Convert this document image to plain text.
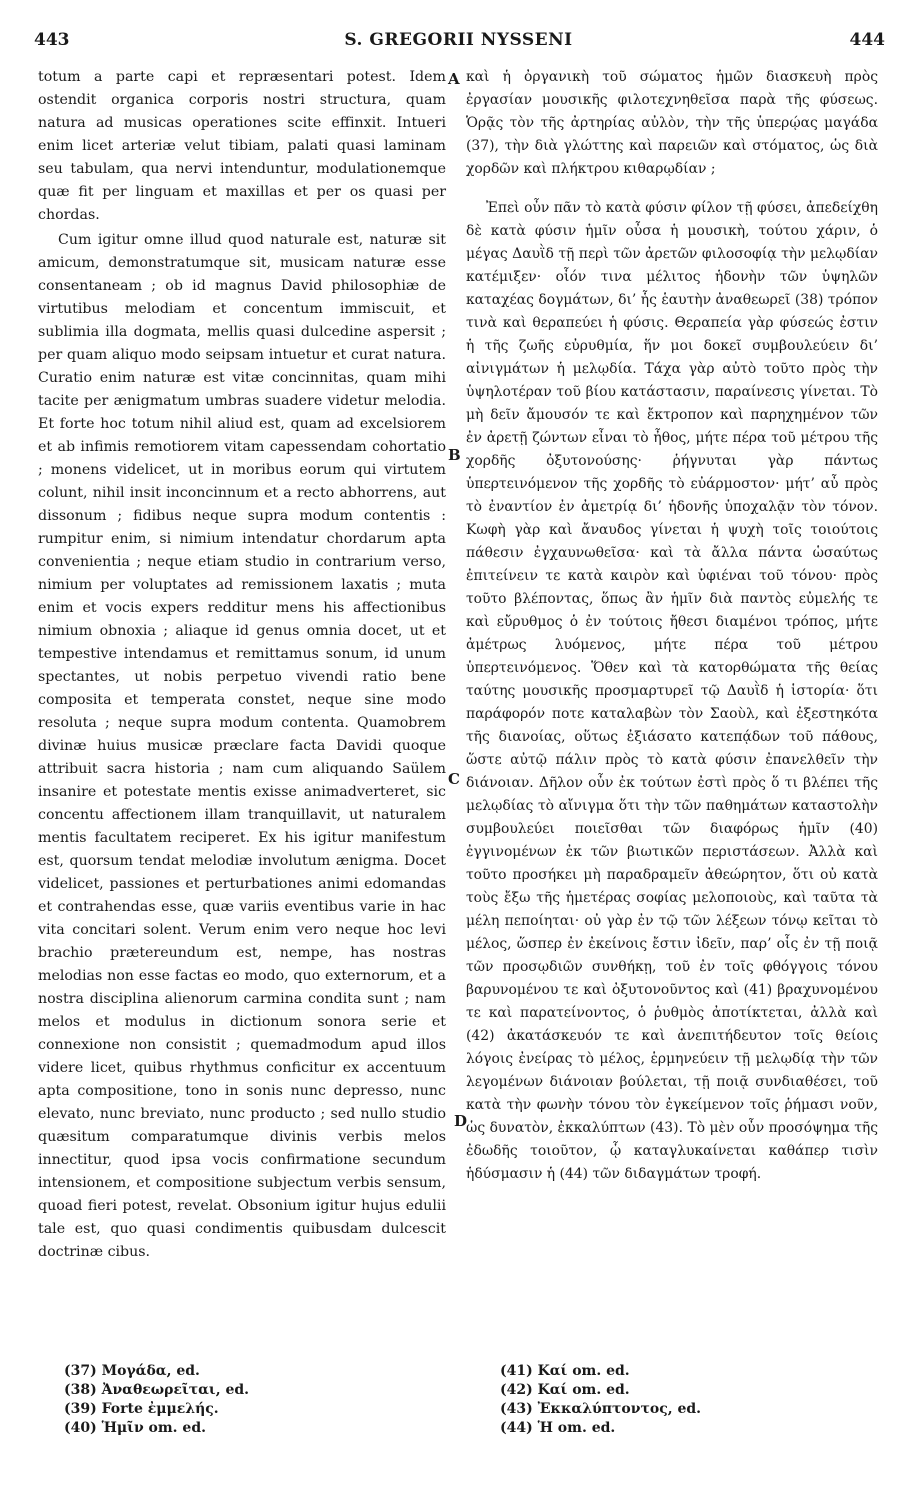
443	S. GREGORII NYSSENI	444

totum a parte capi et repræsentari potest. Idem ostendit organica corporis nostri structura, quam natura ad musicas operationes scite effinxit. Intueri enim licet arteriæ velut tibiam, palati quasi laminam seu tabulam, qua nervi intenduntur, modulationemque quæ fit per linguam et maxillas et per os quasi per chordas.

Cum igitur omne illud quod naturale est, naturæ sit amicum, demonstratumque sit, musicam naturæ esse consentaneam ; ob id magnus David philosophiæ de virtutibus melodiam et concentum immiscuit, et sublimia illa dogmata, mellis quasi dulcedine aspersit ; per quam aliquo modo seipsam intuetur et curat natura. Curatio enim naturæ est vitæ concinnitas, quam mihi tacite per ænigmatum umbras suadere videtur melodia. Et forte hoc totum nihil aliud est, quam ad excelsiorem et ab infimis remotiorem vitam capessendam cohortatio ; monens videlicet, ut in moribus eorum qui virtutem colunt, nihil insit inconcinnum et a recto abhorrens, aut dissonum ; fidibus neque supra modum contentis : rumpitur enim, si nimium intendatur chordarum apta convenientia ; neque etiam studio in contrarium verso, nimium per voluptates ad remissionem laxatis ; muta enim et vocis expers redditur mens his affectionibus nimium obnoxia ; aliaque id genus omnia docet, ut et tempestive intendamus et remittamus sonum, id unum spectantes, ut nobis perpetuo vivendi ratio bene composita et temperata constet, neque sine modo resoluta ; neque supra modum contenta. Quamobrem divinæ huius musicæ præclare facta Davidi quoque attribuit sacra historia ; nam cum aliquando Saülem insanire et potestate mentis exisse animadverteret, sic concentu affectionem illam tranquillavit, ut naturalem mentis facultatem reciperet. Ex his igitur manifestum est, quorsum tendat melodiæ involutum ænigma. Docet videlicet, passiones et perturbationes animi edomandas et contrahendas esse, quæ variis eventibus varie in hac vita concitari solent. Verum enim vero neque hoc levi brachio prætereundum est, nempe, has nostras melodias non esse factas eo modo, quo externorum, et a nostra disciplina alienorum carmina condita sunt ; nam melos et modulus in dictionum sonora serie et connexione non consistit ; quemadmodum apud illos videre licet, quibus rhythmus conficitur ex accentuum apta compositione, tono in sonis nunc depresso, nunc elevato, nunc breviato, nunc producto ; sed nullo studio quæsitum comparatumque divinis verbis melos innectitur, quod ipsa vocis confirmatione secundum intensionem, et compositione subjectum verbis sensum, quoad fieri potest, revelat. Obsonium igitur hujus edulii tale est, quo quasi condimentis quibusdam dulcescit doctrinæ cibus.

A
B
C
D

καὶ ἡ ὀργανικὴ τοῦ σώματος ἡμῶν διασκευὴ πρὸς ἐργασίαν μουσικῆς φιλοτεχνηθεῖσα παρὰ τῆς φύσεως. Ὁρᾷς τὸν τῆς ἀρτηρίας αὐλὸν, τὴν τῆς ὑπερῴας μαγάδα (37), τὴν διὰ γλώττης καὶ παρειῶν καὶ στόματος, ὡς διὰ χορδῶν καὶ πλήκτρου κιθαρῳδίαν ;

Ἐπεὶ οὖν πᾶν τὸ κατὰ φύσιν φίλον τῇ φύσει, ἀπεδείχθη δὲ κατὰ φύσιν ἡμῖν οὖσα ἡ μουσικὴ, τούτου χάριν, ὁ μέγας Δαυῒδ τῇ περὶ τῶν ἀρετῶν φιλοσοφίᾳ τὴν μελῳδίαν κατέμιξεν· οἷόν τινα μέλιτος ἡδονὴν τῶν ὑψηλῶν καταχέας δογμάτων, δι’ ἧς ἑαυτὴν ἀναθεωρεῖ (38) τρόπον τινὰ καὶ θεραπεύει ἡ φύσις. Θεραπεία γὰρ φύσεώς ἐστιν ἡ τῆς ζωῆς εὐρυθμία, ἥν μοι δοκεῖ συμβουλεύειν δι’ αἰνιγμάτων ἡ μελῳδία. Τάχα γὰρ αὐτὸ τοῦτο πρὸς τὴν ὑψηλοτέραν τοῦ βίου κατάστασιν, παραίνεσις γίνεται. Τὸ μὴ δεῖν ἄμουσόν τε καὶ ἔκτροπον καὶ παρηχημένον τῶν ἐν ἀρετῇ ζώντων εἶναι τὸ ἦθος, μήτε πέρα τοῦ μέτρου τῆς χορδῆς ὀξυτονούσης· ῥήγνυται γὰρ πάντως ὑπερτεινόμενον τῆς χορδῆς τὸ εὐάρμοστον· μήτ’ αὖ πρὸς τὸ ἐναντίον ἐν ἀμετρίᾳ δι’ ἡδονῆς ὑποχαλᾷν τὸν τόνον. Κωφὴ γὰρ καὶ ἄναυδος γίνεται ἡ ψυχὴ τοῖς τοιούτοις πάθεσιν ἐγχαυνωθεῖσα· καὶ τὰ ἄλλα πάντα ὡσαύτως ἐπιτείνειν τε κατὰ καιρὸν καὶ ὑφιέναι τοῦ τόνου· πρὸς τοῦτο βλέποντας, ὅπως ἂν ἡμῖν διὰ παντὸς εὐμελής τε καὶ εὔρυθμος ὁ ἐν τούτοις ἤθεσι διαμένοι τρόπος, μήτε ἀμέτρως λυόμενος, μήτε πέρα τοῦ μέτρου ὑπερτεινόμενος. Ὅθεν καὶ τὰ κατορθώματα τῆς θείας ταύτης μουσικῆς προσμαρτυρεῖ τῷ Δαυῒδ ἡ ἱστορία· ὅτι παράφορόν ποτε καταλαβὼν τὸν Σαοὺλ, καὶ ἐξεστηκότα τῆς διανοίας, οὕτως ἐξιάσατο κατεπᾴδων τοῦ πάθους, ὥστε αὐτῷ πάλιν πρὸς τὸ κατὰ φύσιν ἐπανελθεῖν τὴν διάνοιαν. Δῆλον οὖν ἐκ τούτων ἐστὶ πρὸς ὅ τι βλέπει τῆς μελῳδίας τὸ αἴνιγμα ὅτι τὴν τῶν παθημάτων καταστολὴν συμβουλεύει ποιεῖσθαι τῶν διαφόρως ἡμῖν (40) ἐγγινομένων ἐκ τῶν βιωτικῶν περιστάσεων. Ἀλλὰ καὶ τοῦτο προσήκει μὴ παραδραμεῖν ἀθεώρητον, ὅτι οὐ κατὰ τοὺς ἔξω τῆς ἡμετέρας σοφίας μελοποιοὺς, καὶ ταῦτα τὰ μέλη πεποίηται· οὐ γὰρ ἐν τῷ τῶν λέξεων τόνῳ κεῖται τὸ μέλος, ὥσπερ ἐν ἐκείνοις ἔστιν ἰδεῖν, παρ’ οἷς ἐν τῇ ποιᾷ τῶν προσῳδιῶν συνθήκῃ, τοῦ ἐν τοῖς φθόγγοις τόνου βαρυνομένου τε καὶ ὀξυτονοῦντος καὶ (41) βραχυνομένου τε καὶ παρατείνοντος, ὁ ῥυθμὸς ἀποτίκτεται, ἀλλὰ καὶ (42) ἀκατάσκευόν τε καὶ ἀνεπιτήδευτον τοῖς θείοις λόγοις ἐνείρας τὸ μέλος, ἑρμηνεύειν τῇ μελῳδίᾳ τὴν τῶν λεγομένων διάνοιαν βούλεται, τῇ ποιᾷ συνδιαθέσει, τοῦ κατὰ τὴν φωνὴν τόνου τὸν ἐγκείμενον τοῖς ῥήμασι νοῦν, ὡς δυνατὸν, ἐκκαλύπτων (43). Τὸ μὲν οὖν προσόψημα τῆς ἐδωδῆς τοιοῦτον, ᾧ καταγλυκαίνεται καθάπερ τισὶν ἡδύσμασιν ἡ (44) τῶν διδαγμάτων τροφή.

(37) Μογάδα, ed.
(38) Ἀναθεωρεῖται, ed.
(39) Forte ἐμμελής.
(40) Ἡμῖν om. ed.
(41) Καί om. ed.
(42) Καί om. ed.
(43) Ἐκκαλύπτοντος, ed.
(44) Ἡ om. ed.
